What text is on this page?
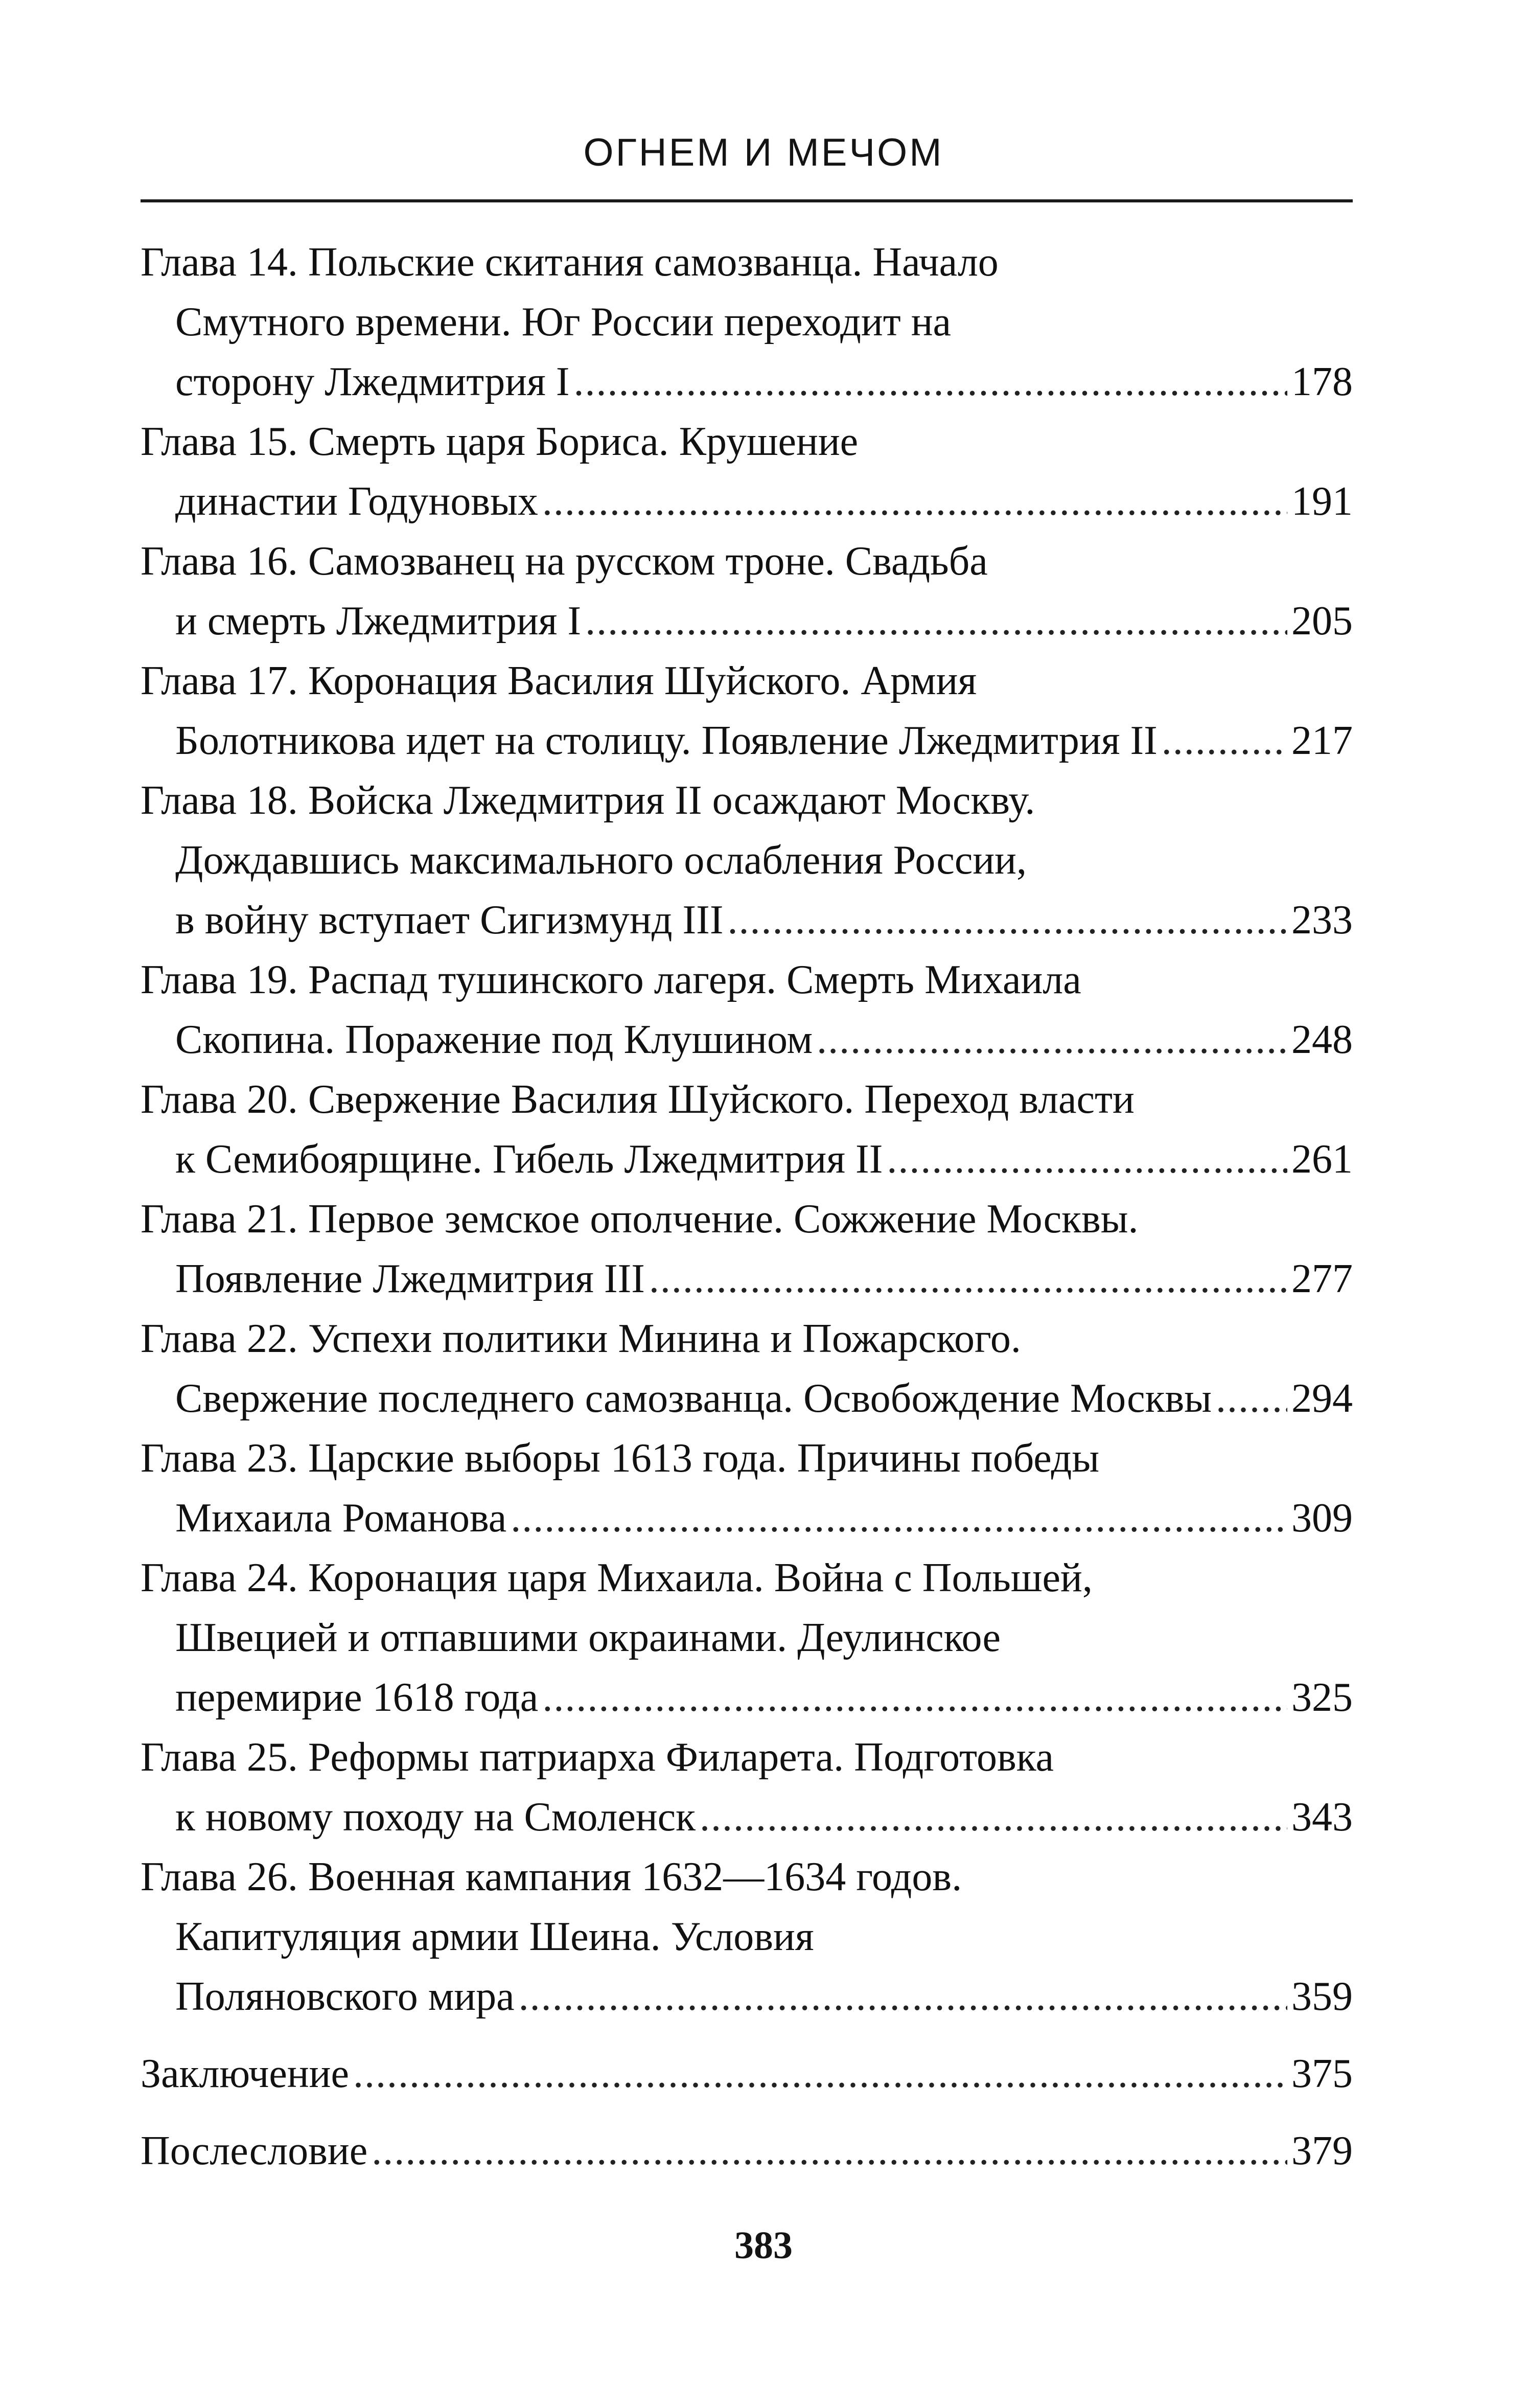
ОГНЕМ И МЕЧОМ
Глава 14. Польские скитания самозванца. Начало
Смутного времени. Юг России переходит на
сторону Лжедмитрия I .....	178
Глава 15. Смерть царя Бориса. Крушение
династии Годуновых .....	191
Глава 16. Самозванец на русском троне. Свадьба
и смерть Лжедмитрия I .....	205
Глава 17. Коронация Василия Шуйского. Армия
Болотникова идет на столицу. Появление Лжедмитрия II .....	217
Глава 18. Войска Лжедмитрия II осаждают Москву.
Дождавшись максимального ослабления России,
в войну вступает Сигизмунд III .....	233
Глава 19. Распад тушинского лагеря. Смерть Михаила
Скопина. Поражение под Клушином .....	248
Глава 20. Свержение Василия Шуйского. Переход власти
к Семибоярщине. Гибель Лжедмитрия II .....	261
Глава 21. Первое земское ополчение. Сожжение Москвы.
Появление Лжедмитрия III .....	277
Глава 22. Успехи политики Минина и Пожарского.
Свержение последнего самозванца. Освобождение Москвы ..... 294
Глава 23. Царские выборы 1613 года. Причины победы
Михаила Романова .....	309
Глава 24. Коронация царя Михаила. Война с Польшей,
Швецией и отпавшими окраинами. Деулинское
перемирие 1618 года .....	325
Глава 25. Реформы патриарха Филарета. Подготовка
к новому походу на Смоленск .....	343
Глава 26. Военная кампания 1632—1634 годов.
Капитуляция армии Шеина. Условия
Поляновского мира .....	359
Заключение .....	375
Послесловие .....	379
383
